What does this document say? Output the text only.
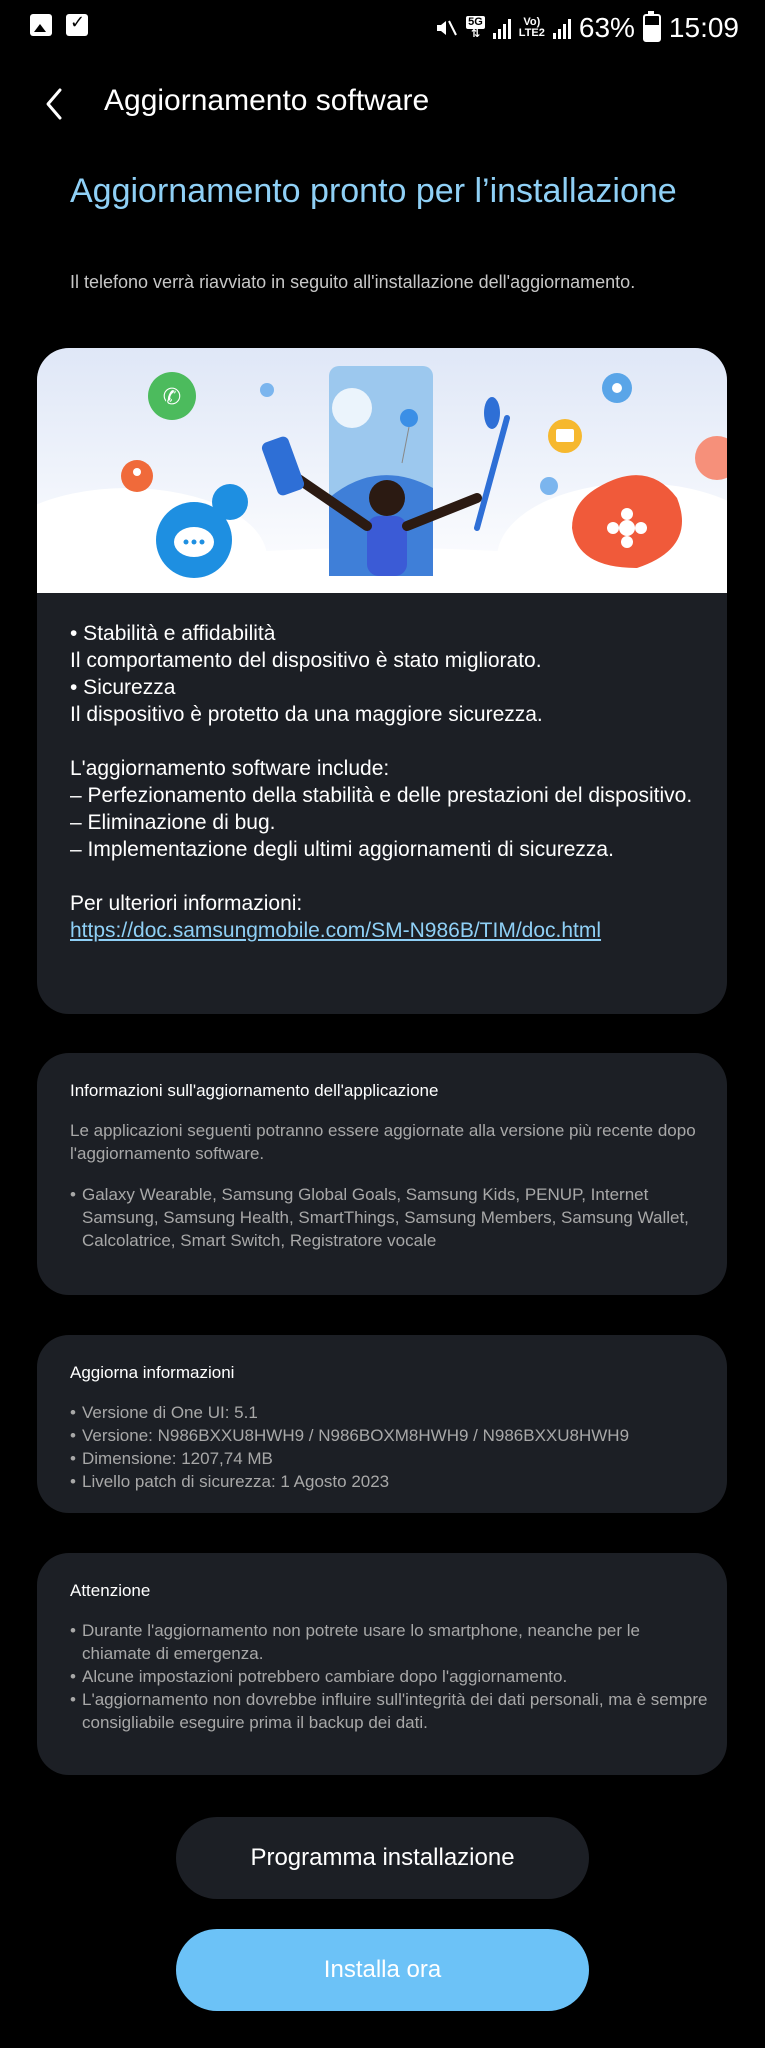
✓
5G
⇅
Vo)
LTE2 63% 15:09
Aggiornamento software
Aggiornamento pronto per l’installazione
Il telefono verrà riavviato in seguito all'installazione dell'aggiornamento.
✆
• Stabilità e affidabilità
Il comportamento del dispositivo è stato migliorato.
• Sicurezza
Il dispositivo è protetto da una maggiore sicurezza.
L'aggiornamento software include:
– Perfezionamento della stabilità e delle prestazioni del dispositivo.
– Eliminazione di bug.
– Implementazione degli ultimi aggiornamenti di sicurezza.
Per ulteriori informazioni:
https://doc.samsungmobile.com/SM-N986B/TIM/doc.html
Informazioni sull'aggiornamento dell'applicazione
Le applicazioni seguenti potranno essere aggiornate alla versione più recente dopo l'aggiornamento software.
• Galaxy Wearable, Samsung Global Goals, Samsung Kids, PENUP, Internet Samsung, Samsung Health, SmartThings, Samsung Members, Samsung Wallet, Calcolatrice, Smart Switch, Registratore vocale
Aggiorna informazioni
• Versione di One UI: 5.1
• Versione: N986BXXU8HWH9 / N986BOXM8HWH9 / N986BXXU8HWH9
• Dimensione: 1207,74 MB
• Livello patch di sicurezza: 1 Agosto 2023
Attenzione
• Durante l'aggiornamento non potrete usare lo smartphone, neanche per le chiamate di emergenza.
• Alcune impostazioni potrebbero cambiare dopo l'aggiornamento.
• L'aggiornamento non dovrebbe influire sull'integrità dei dati personali, ma è sempre consigliabile eseguire prima il backup dei dati.
Programma installazione
Installa ora
